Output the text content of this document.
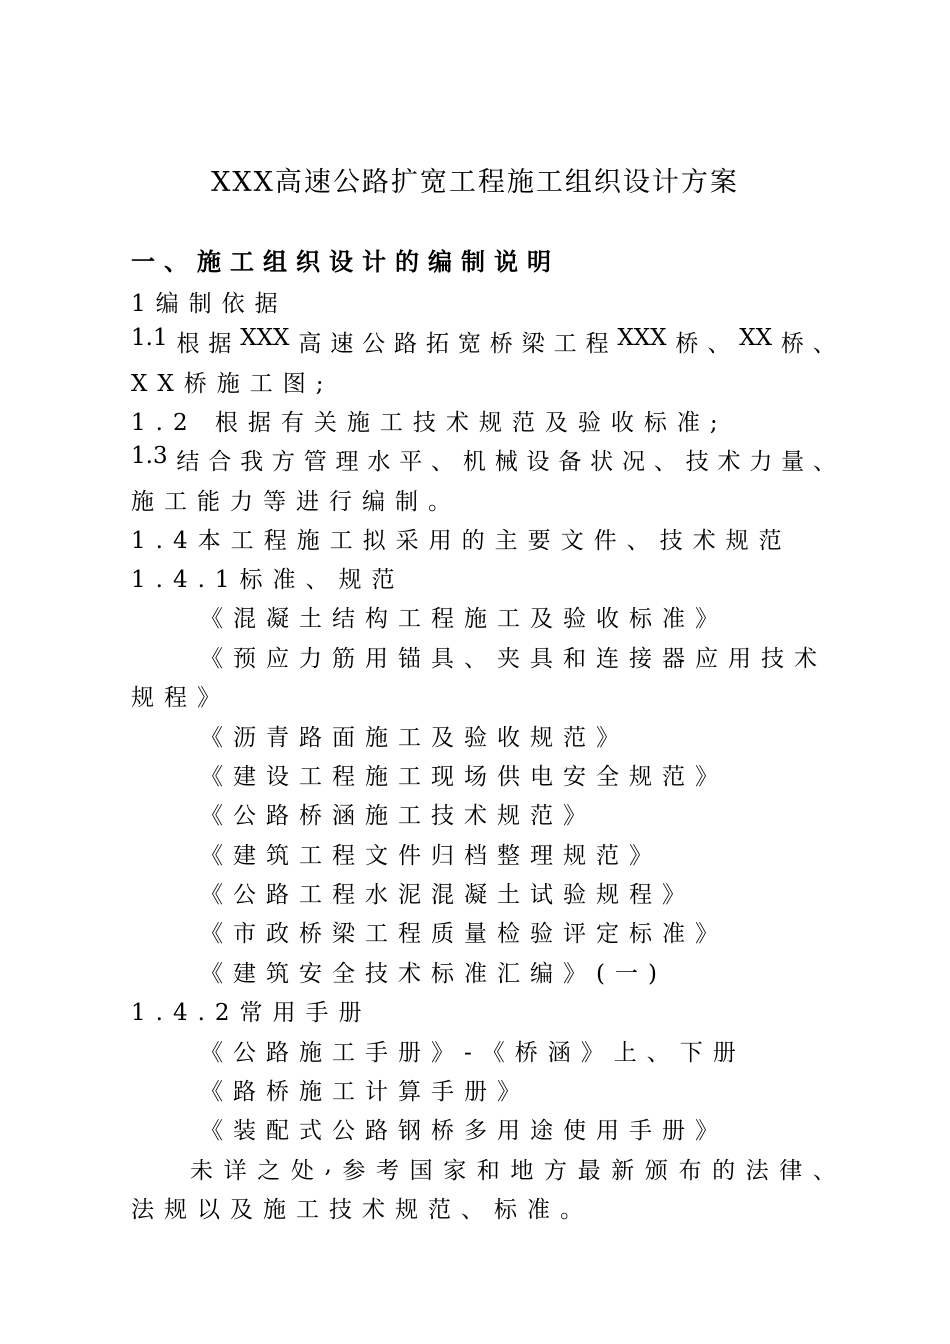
XXX高速公路扩宽工程施工组织设计方案
一、施工组织设计的编制说明
1编制依据
1.1 根 据 XXX 高 速 公 路 拓 宽 桥 梁 工 程 XXX 桥 、 XX 桥 、
XX桥施工图;
1.2 根据有关施工技术规范及验收标准;
1.3 结 合 我 方 管 理 水 平 、 机 械 设 备 状 况 、 技 术 力 量 、
施工能力等进行编制。
1.4本工程施工拟采用的主要文件、技术规范
1.4.1标准、规范
《混凝土结构工程施工及验收标准》
《预应力筋用锚具、夹具和连接器应用技术
规程》
《沥青路面施工及验收规范》
《建设工程施工现场供电安全规范》
《公路桥涵施工技术规范》
《建筑工程文件归档整理规范》
《公路工程水泥混凝土试验规程》
《市政桥梁工程质量检验评定标准》
《建筑安全技术标准汇编》(一)
1.4.2常用手册
《公路施工手册》-《桥涵》上、下册
《路桥施工计算手册》
《装配式公路钢桥多用途使用手册》
未 详 之 处 , 参 考 国 家 和 地 方 最 新 颁 布 的 法 律 、
法规以及施工技术规范、标准。
